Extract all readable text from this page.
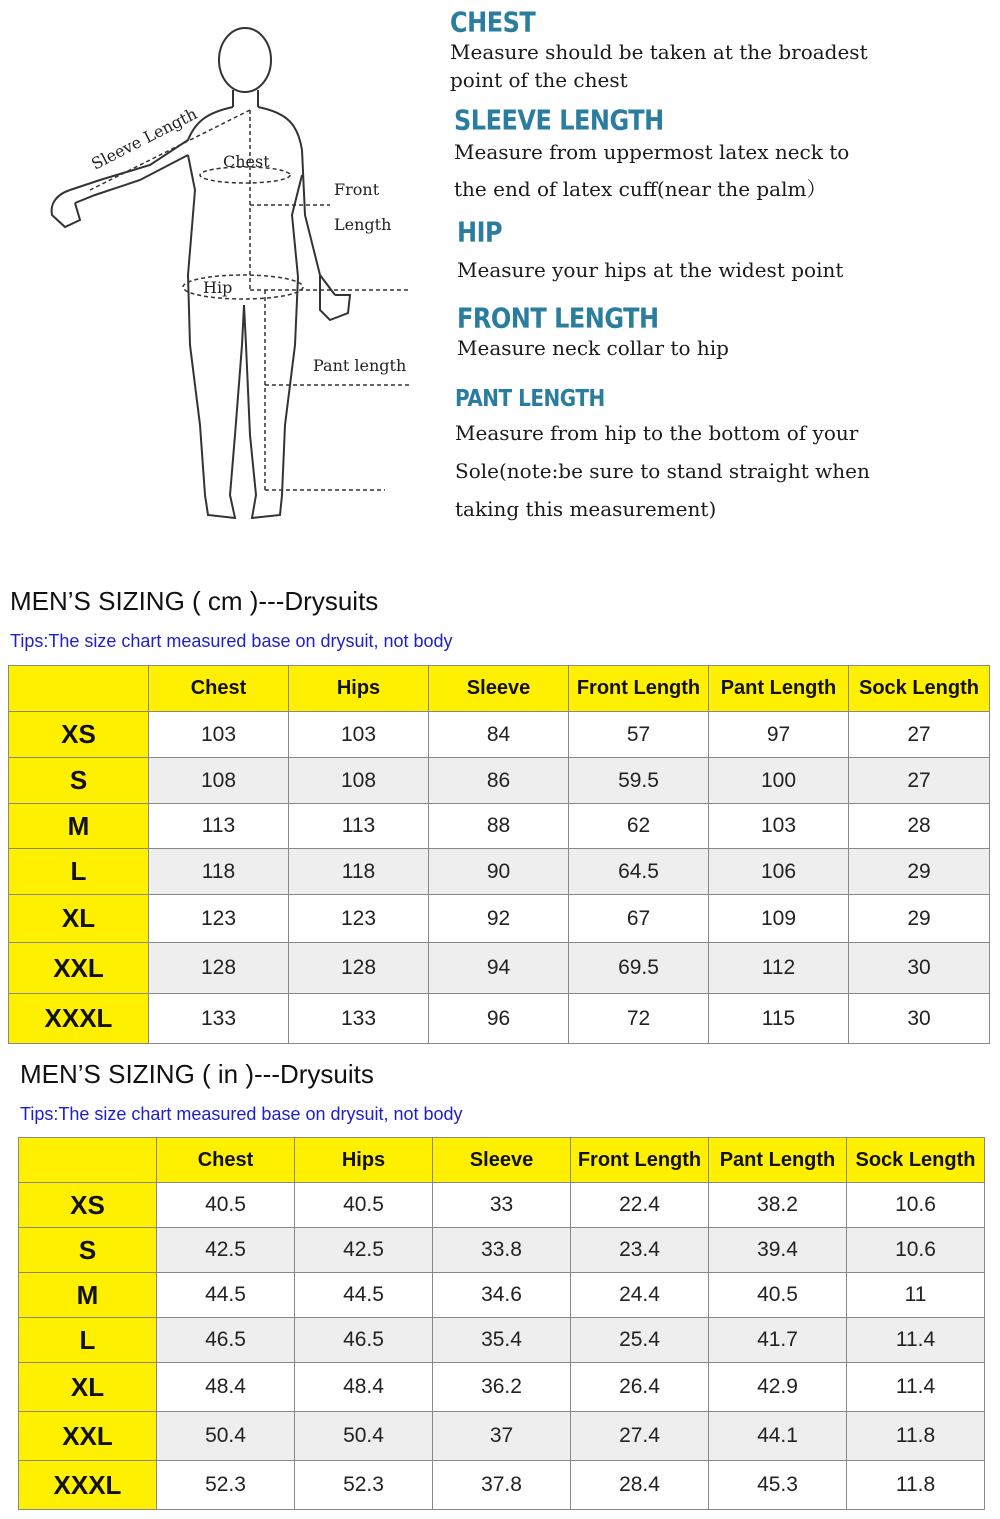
Sleeve Length Chest
Front
Length
Hip
Pant length
CHEST
Measure should be taken at the broadest
point of the chest
SLEEVE LENGTH
Measure from uppermost latex neck to
the end of latex cuff(near the palm）
HIP
Measure your hips at the widest point
FRONT LENGTH
Measure neck collar to hip
PANT LENGTH
Measure from hip to the bottom of your
Sole(note:be sure to stand straight when
taking this measurement)
MEN’S SIZING ( cm )---Drysuits
Tips:The size chart measured base on drysuit, not body
	Chest	Hips	Sleeve	Front Length	Pant Length	Sock Length
XS	103	103	84	57	97	27
S	108	108	86	59.5	100	27
M	113	113	88	62	103	28
L	118	118	90	64.5	106	29
XL	123	123	92	67	109	29
XXL	128	128	94	69.5	112	30
XXXL	133	133	96	72	115	30
MEN’S SIZING ( in )---Drysuits
Tips:The size chart measured base on drysuit, not body
	Chest	Hips	Sleeve	Front Length	Pant Length	Sock Length
XS	40.5	40.5	33	22.4	38.2	10.6
S	42.5	42.5	33.8	23.4	39.4	10.6
M	44.5	44.5	34.6	24.4	40.5	11
L	46.5	46.5	35.4	25.4	41.7	11.4
XL	48.4	48.4	36.2	26.4	42.9	11.4
XXL	50.4	50.4	37	27.4	44.1	11.8
XXXL	52.3	52.3	37.8	28.4	45.3	11.8
